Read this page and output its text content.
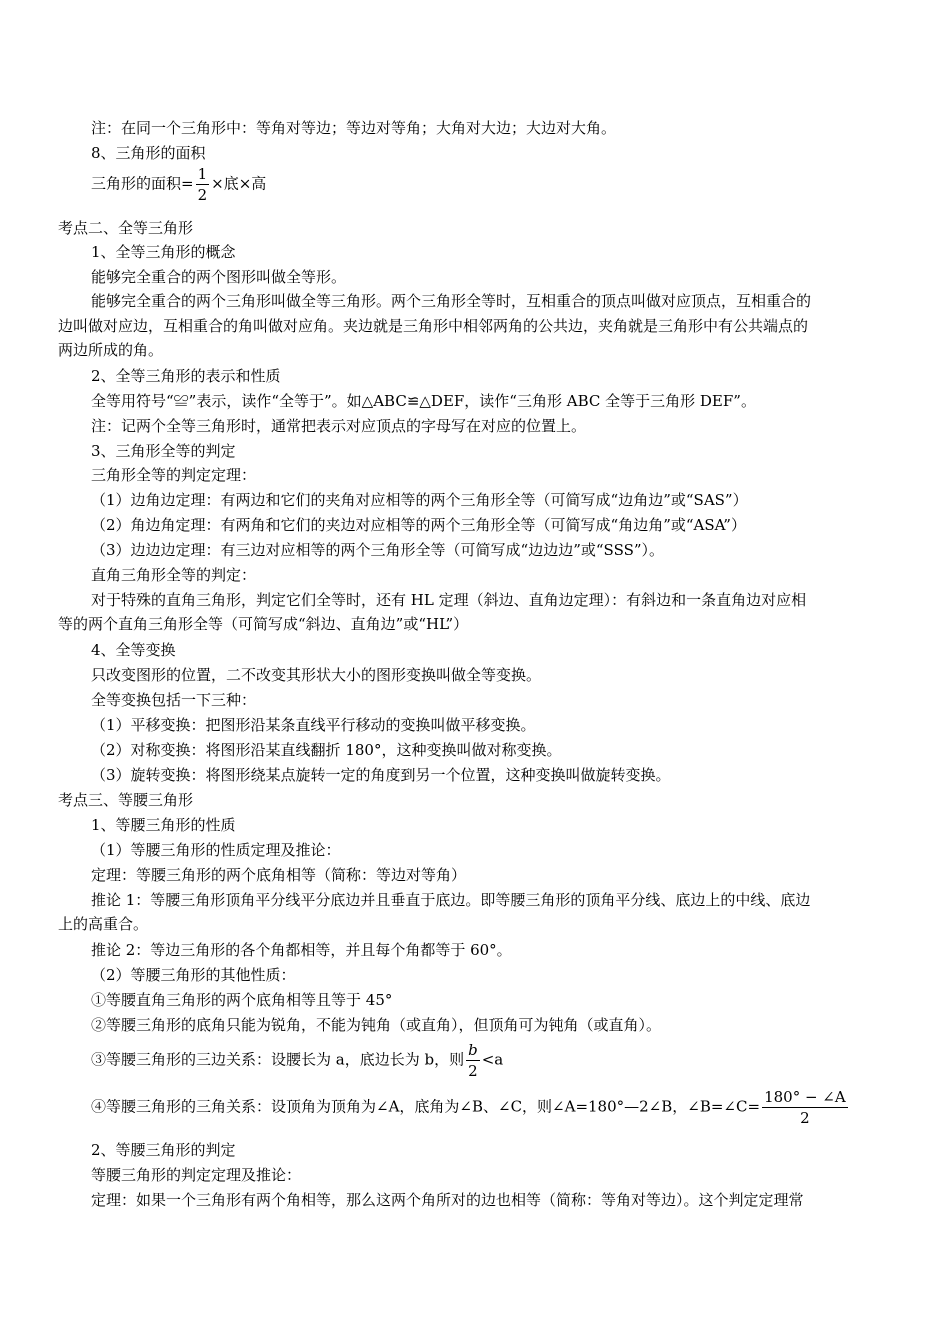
注：在同一个三角形中：等角对等边；等边对等角；大角对大边；大边对大角。
8、三角形的面积
三角形的面积= $\frac{1}{2}$ ×底×高
考点二、全等三角形
1、全等三角形的概念
能够完全重合的两个图形叫做全等形。
能够完全重合的两个三角形叫做全等三角形。两个三角形全等时，互相重合的顶点叫做对应顶点，互相重合的
边叫做对应边，互相重合的角叫做对应角。夹边就是三角形中相邻两角的公共边，夹角就是三角形中有公共端点的
两边所成的角。
2、全等三角形的表示和性质
全等用符号“≌”表示，读作“全等于”。如△ABC≌△DEF，读作“三角形 ABC 全等于三角形 DEF”。
注：记两个全等三角形时，通常把表示对应顶点的字母写在对应的位置上。
3、三角形全等的判定
三角形全等的判定定理：
（1）边角边定理：有两边和它们的夹角对应相等的两个三角形全等（可简写成“边角边”或“SAS”）
（2）角边角定理：有两角和它们的夹边对应相等的两个三角形全等（可简写成“角边角”或“ASA”）
（3）边边边定理：有三边对应相等的两个三角形全等（可简写成“边边边”或“SSS”）。
直角三角形全等的判定：
对于特殊的直角三角形，判定它们全等时，还有 HL 定理（斜边、直角边定理）：有斜边和一条直角边对应相
等的两个直角三角形全等（可简写成“斜边、直角边”或“HL”）
4、全等变换
只改变图形的位置，二不改变其形状大小的图形变换叫做全等变换。
全等变换包括一下三种：
（1）平移变换：把图形沿某条直线平行移动的变换叫做平移变换。
（2）对称变换：将图形沿某直线翻折 180°，这种变换叫做对称变换。
（3）旋转变换：将图形绕某点旋转一定的角度到另一个位置，这种变换叫做旋转变换。
考点三、等腰三角形
1、等腰三角形的性质
（1）等腰三角形的性质定理及推论：
定理：等腰三角形的两个底角相等（简称：等边对等角）
推论 1：等腰三角形顶角平分线平分底边并且垂直于底边。即等腰三角形的顶角平分线、底边上的中线、底边
上的高重合。
推论 2：等边三角形的各个角都相等，并且每个角都等于 60°。
（2）等腰三角形的其他性质：
①等腰直角三角形的两个底角相等且等于 45°
②等腰三角形的底角只能为锐角，不能为钝角（或直角），但顶角可为钝角（或直角）。
③等腰三角形的三边关系：设腰长为 a，底边长为 b，则 $\frac{b}{2} <a$
④等腰三角形的三角关系：设顶角为顶角为∠A，底角为∠B、∠C，则∠A=180°—2∠B，∠B=∠C= $\frac{180^\circ - \angle A}{2}$
2、等腰三角形的判定
等腰三角形的判定定理及推论：
定理：如果一个三角形有两个角相等，那么这两个角所对的边也相等（简称：等角对等边）。这个判定定理常
